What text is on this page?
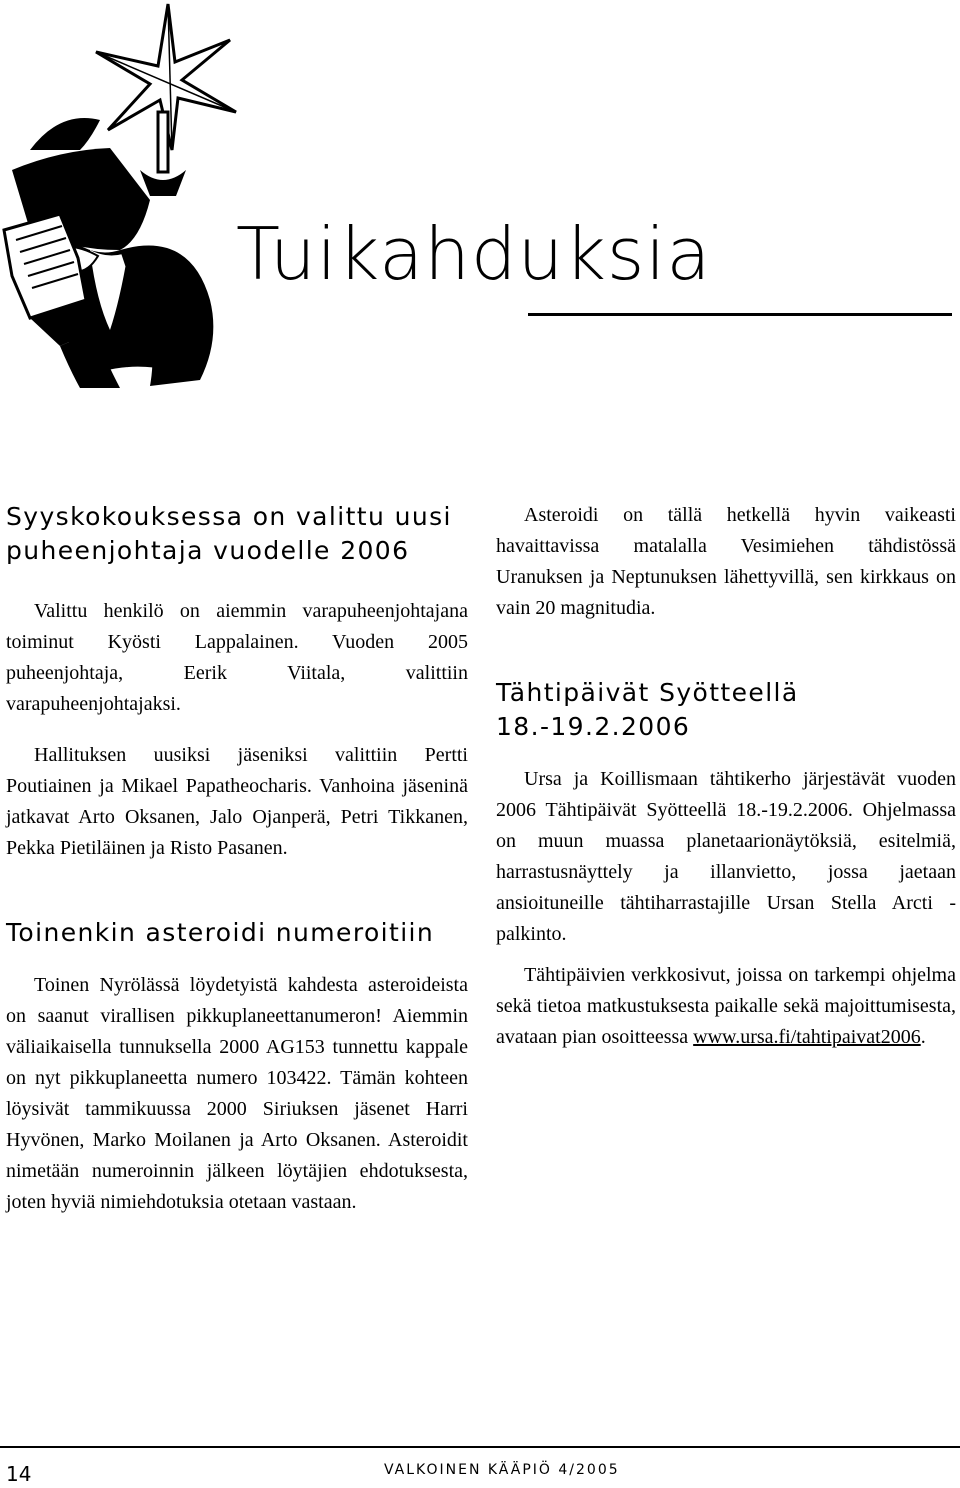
Tuikahduksia
Syyskokouksessa on valittu uusi puheenjohtaja vuodelle 2006

Valittu henkilö on aiemmin varapuheenjohtajana toiminut Kyösti Lappalainen. Vuoden 2005 puheenjohtaja, Eerik Viitala, valittiin varapuheenjohtajaksi.

Hallituksen uusiksi jäseniksi valittiin Pertti Poutiainen ja Mikael Papatheocharis. Vanhoina jäseninä jatkavat Arto Oksanen, Jalo Ojanperä, Petri Tikkanen, Pekka Pietiläinen ja Risto Pasanen.

Toinenkin asteroidi numeroitiin

Toinen Nyrölässä löydetyistä kahdesta asteroideista on saanut virallisen pikkuplaneettanumeron! Aiemmin väliaikaisella tunnuksella 2000 AG153 tunnettu kappale on nyt pikkuplaneetta numero 103422. Tämän kohteen löysivät tammikuussa 2000 Siriuksen jäsenet Harri Hyvönen, Marko Moilanen ja Arto Oksanen. Asteroidit nimetään numeroinnin jälkeen löytäjien ehdotuksesta, joten hyviä nimiehdotuksia otetaan vastaan.

Asteroidi on tällä hetkellä hyvin vaikeasti havaittavissa matalalla Vesimiehen tähdistössä Uranuksen ja Neptunuksen lähettyvillä, sen kirkkaus on vain 20 magnitudia.

Tähtipäivät Syötteellä 18.-19.2.2006

Ursa ja Koillismaan tähtikerho järjestävät vuoden 2006 Tähtipäivät Syötteellä 18.-19.2.2006. Ohjelmassa on muun muassa planetaarionäytöksiä, esitelmiä, harrastusnäyttely ja illanvietto, jossa jaetaan ansioituneille tähtiharrastajille Ursan Stella Arcti -palkinto.

Tähtipäivien verkkosivut, joissa on tarkempi ohjelma sekä tietoa matkustuksesta paikalle sekä majoittumisesta, avataan pian osoitteessa www.ursa.fi/tahtipaivat2006.

14	VALKOINEN KÄÄPIÖ 4/2005
